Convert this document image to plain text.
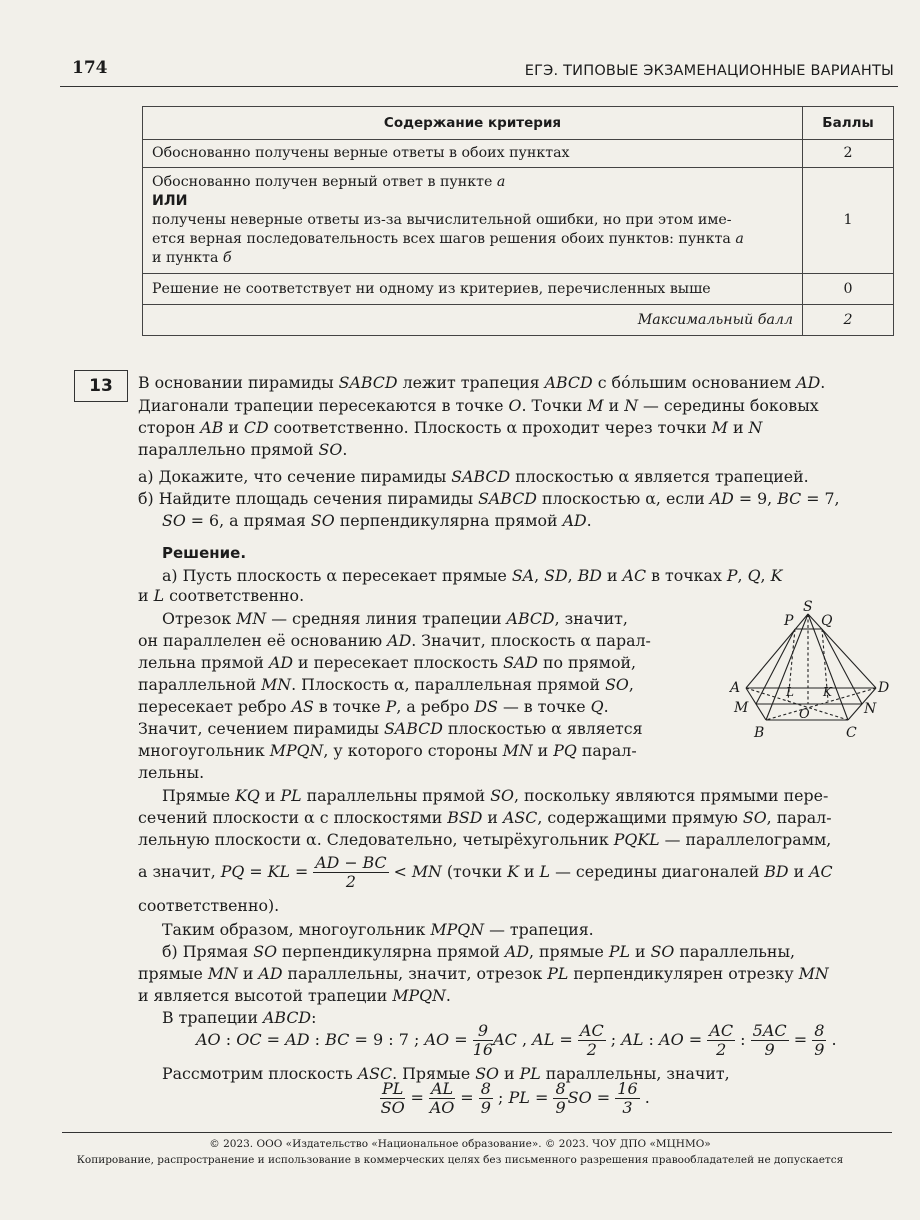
174	ЕГЭ. ТИПОВЫЕ ЭКЗАМЕНАЦИОННЫЕ ВАРИАНТЫ
Содержание критерия	Баллы
Обоснованно получены верные ответы в обоих пунктах	2
Обоснованно получен верный ответ в пункте а
ИЛИ
получены неверные ответы из-за вычислительной ошибки, но при этом име-
ется верная последовательность всех шагов решения обоих пунктов: пункта а
и пункта б	1
Решение не соответствует ни одному из критериев, перечисленных выше	0
Максимальный балл	2
13	В основании пирамиды SABCD лежит трапеция ABCD с бóльшим основанием AD.
Диагонали трапеции пересекаются в точке O. Точки M и N — середины боковых
сторон AB и CD соответственно. Плоскость α проходит через точки M и N
параллельно прямой SO.
а) Докажите, что сечение пирамиды SABCD плоскостью α является трапецией.
б) Найдите площадь сечения пирамиды SABCD плоскостью α, если AD = 9, BC = 7,
SO = 6, а прямая SO перпендикулярна прямой AD.
Решение.
а) Пусть плоскость α пересекает прямые SA, SD, BD и AC в точках P, Q, K
и L соответственно.
Отрезок MN — средняя линия трапеции ABCD, значит,
он параллелен её основанию AD. Значит, плоскость α парал-
лельна прямой AD и пересекает плоскость SAD по прямой,
параллельной MN. Плоскость α, параллельная прямой SO,
пересекает ребро AS в точке P, а ребро DS — в точке Q.
Значит, сечением пирамиды SABCD плоскостью α является
многоугольник MPQN, у которого стороны MN и PQ парал-
лельны.
S
P Q
A	D
L K
M	N
O
B	C
Прямые KQ и PL параллельны прямой SO, поскольку являются прямыми пере-
сечений плоскости α с плоскостями BSD и ASC, содержащими прямую SO, парал-
лельную плоскости α. Следовательно, четырёхугольник PQKL — параллелограмм,
а значит, PQ = KL = $\frac{AD - BC}{2}$ < MN (точки K и L — середины диагоналей BD и AC
соответственно).
Таким образом, многоугольник MPQN — трапеция.
б) Прямая SO перпендикулярна прямой AD, прямые PL и SO параллельны,
прямые MN и AD параллельны, значит, отрезок PL перпендикулярен отрезку MN
и является высотой трапеции MPQN.
В трапеции ABCD:
AO : OC = AD : BC = 9 : 7 ; AO = $\frac{9}{16}$ AC , AL = $\frac{AC}{2}$ ; AL : AO = $\frac{AC}{2}$ : $\frac{5AC}{9} = \frac{8}{9}$ .
Рассмотрим плоскость ASC. Прямые SO и PL параллельны, значит,
$\frac{PL}{SO} = \frac{AL}{AO} = \frac{8}{9}$ ; PL = $\frac{8}{9}$ SO = $\frac{16}{3}$ .
© 2023. ООО «Издательство «Национальное образование». © 2023. ЧОУ ДПО «МЦНМО»
Копирование, распространение и использование в коммерческих целях без письменного разрешения правообладателей не допускается
